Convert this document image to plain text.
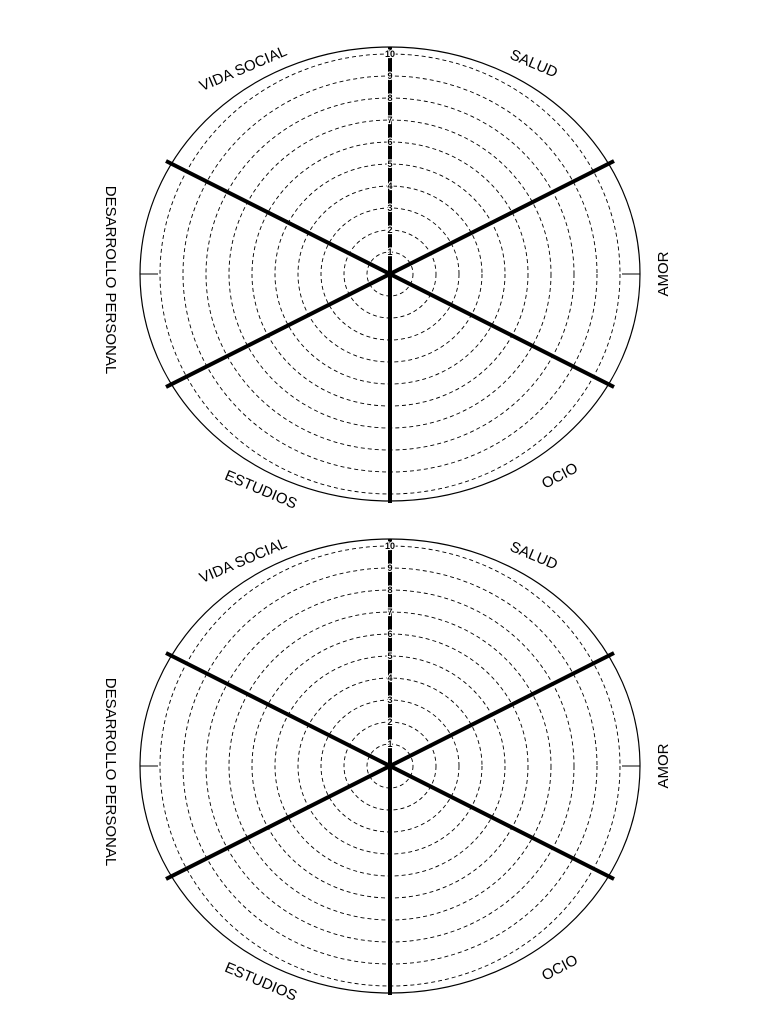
1
2
3
4
5
6
7
8
9
10
VIDA SOCIAL	SALUD
AMOR
OCIO
ESTUDIOS
DESARROLLO PERSONAL
1
2
3
4
5
6
7
8
9
10
VIDA SOCIAL	SALUD
AMOR
OCIO
ESTUDIOS
DESARROLLO PERSONAL
